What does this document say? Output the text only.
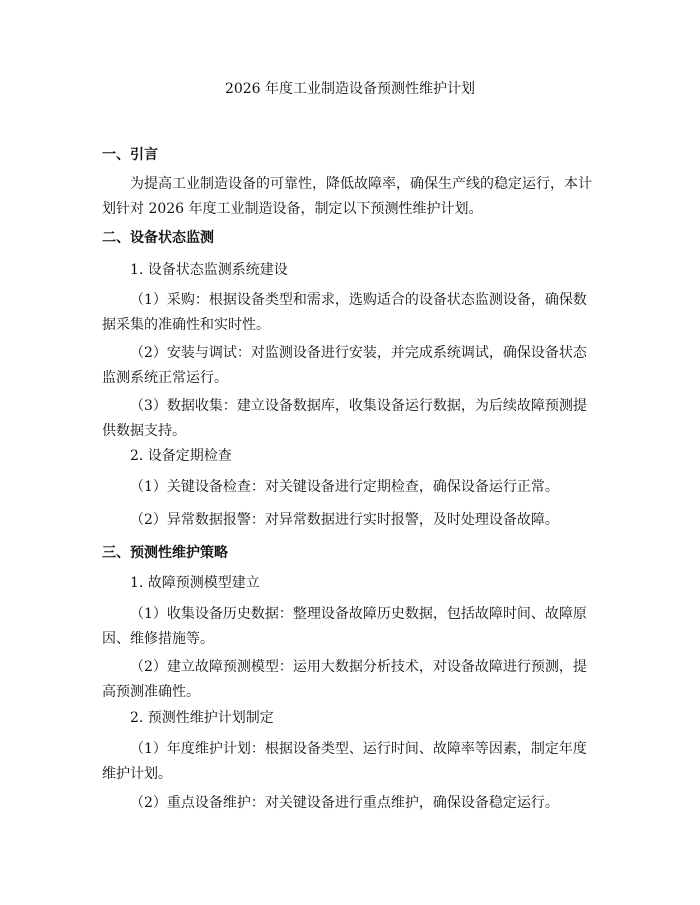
2026 年度工业制造设备预测性维护计划

一、引言

为提高工业制造设备的可靠性，降低故障率，确保生产线的稳定运行，本计划针对 2026 年度工业制造设备，制定以下预测性维护计划。

二、设备状态监测

1. 设备状态监测系统建设

（1）采购：根据设备类型和需求，选购适合的设备状态监测设备，确保数据采集的准确性和实时性。

（2）安装与调试：对监测设备进行安装，并完成系统调试，确保设备状态监测系统正常运行。

（3）数据收集：建立设备数据库，收集设备运行数据，为后续故障预测提供数据支持。

2. 设备定期检查

（1）关键设备检查：对关键设备进行定期检查，确保设备运行正常。

（2）异常数据报警：对异常数据进行实时报警，及时处理设备故障。

三、预测性维护策略

1. 故障预测模型建立

（1）收集设备历史数据：整理设备故障历史数据，包括故障时间、故障原因、维修措施等。

（2）建立故障预测模型：运用大数据分析技术，对设备故障进行预测，提高预测准确性。

2. 预测性维护计划制定

（1）年度维护计划：根据设备类型、运行时间、故障率等因素，制定年度维护计划。

（2）重点设备维护：对关键设备进行重点维护，确保设备稳定运行。
